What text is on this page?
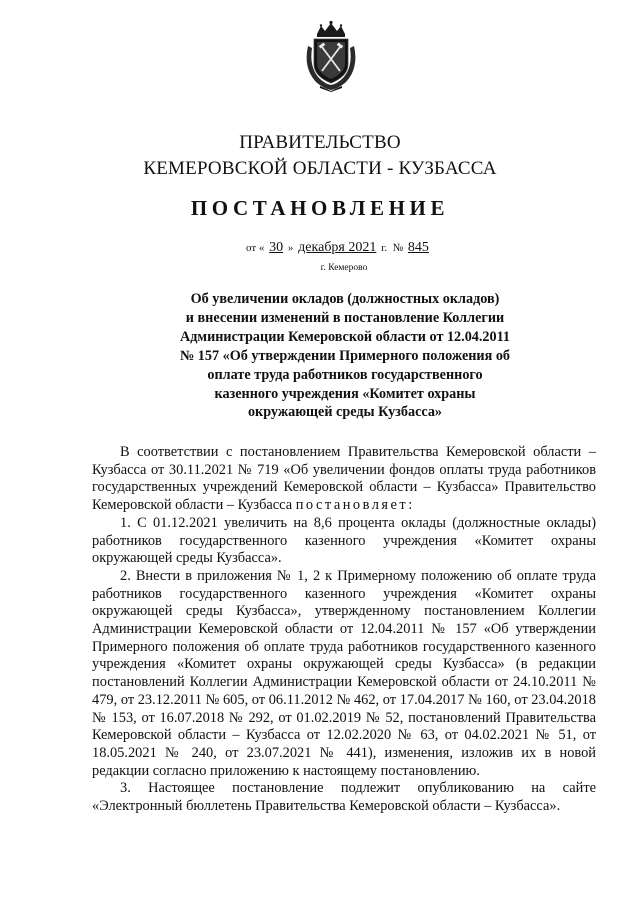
ПРАВИТЕЛЬСТВО
КЕМЕРОВСКОЙ ОБЛАСТИ - КУЗБАССА
ПОСТАНОВЛЕНИЕ
от « 30 » декабря 2021 г. № 845
г. Кемерово
Об увеличении окладов (должностных окладов)
и внесении изменений в постановление Коллегии
Администрации Кемеровской области от 12.04.2011
№ 157 «Об утверждении Примерного положения об
оплате труда работников государственного
казенного учреждения «Комитет охраны
окружающей среды Кузбасса»

В соответствии с постановлением Правительства Кемеровской области – Кузбасса от 30.11.2021 № 719 «Об увеличении фондов оплаты труда работников государственных учреждений Кемеровской области – Кузбасса» Правительство Кемеровской области – Кузбасса постановляет:

1. С 01.12.2021 увеличить на 8,6 процента оклады (должностные оклады) работников государственного казенного учреждения «Комитет охраны окружающей среды Кузбасса».

2. Внести в приложения № 1, 2 к Примерному положению об оплате труда работников государственного казенного учреждения «Комитет охраны окружающей среды Кузбасса», утвержденному постановлением Коллегии Администрации Кемеровской области от 12.04.2011 № 157 «Об утверждении Примерного положения об оплате труда работников государственного казенного учреждения «Комитет охраны окружающей среды Кузбасса» (в редакции постановлений Коллегии Администрации Кемеровской области от 24.10.2011 № 479, от 23.12.2011 № 605, от 06.11.2012 № 462, от 17.04.2017 № 160, от 23.04.2018 № 153, от 16.07.2018 № 292, от 01.02.2019 № 52, постановлений Правительства Кемеровской области – Кузбасса от 12.02.2020 № 63, от 04.02.2021 № 51, от 18.05.2021 № 240, от 23.07.2021 № 441), изменения, изложив их в новой редакции согласно приложению к настоящему постановлению.

3. Настоящее постановление подлежит опубликованию на сайте «Электронный бюллетень Правительства Кемеровской области – Кузбасса».
